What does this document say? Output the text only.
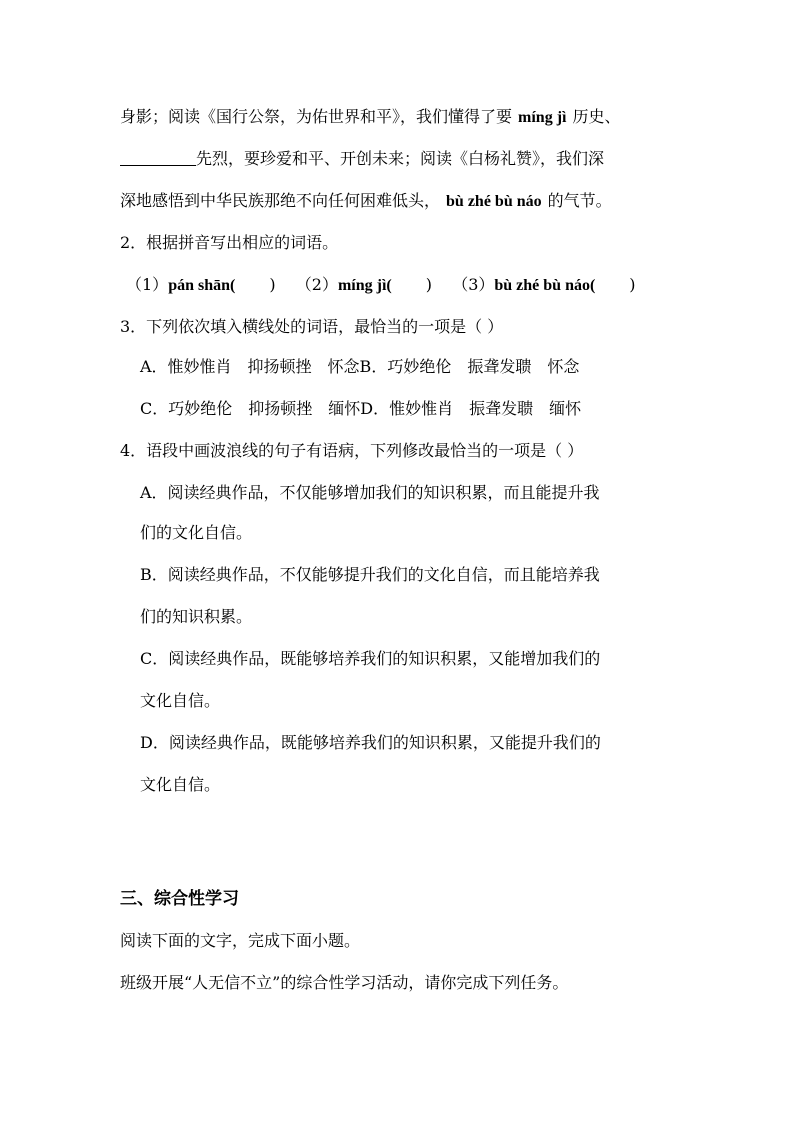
身影；阅读《国行公祭，为佑世界和平》，我们懂得了要 míng jì 历史、
先烈，要珍爱和平、开创未来；阅读《白杨礼赞》，我们深
深地感悟到中华民族那绝不向任何困难低头， bù zhé bù náo 的气节。
2．根据拼音写出相应的词语。
（1）pán shān( ) （2）míng jì( ) （3）bù zhé bù náo( )
3．下列依次填入横线处的词语，最恰当的一项是（ ）
A．惟妙惟肖　抑扬顿挫　怀念B．巧妙绝伦　振聋发聩　怀念
C．巧妙绝伦　抑扬顿挫　缅怀D．惟妙惟肖　振聋发聩　缅怀
4．语段中画波浪线的句子有语病，下列修改最恰当的一项是（ ）
A．阅读经典作品，不仅能够增加我们的知识积累，而且能提升我
们的文化自信。
B．阅读经典作品，不仅能够提升我们的文化自信，而且能培养我
们的知识积累。
C．阅读经典作品，既能够培养我们的知识积累，又能增加我们的
文化自信。
D．阅读经典作品，既能够培养我们的知识积累，又能提升我们的
文化自信。
三、综合性学习
阅读下面的文字，完成下面小题。
班级开展“人无信不立”的综合性学习活动，请你完成下列任务。
